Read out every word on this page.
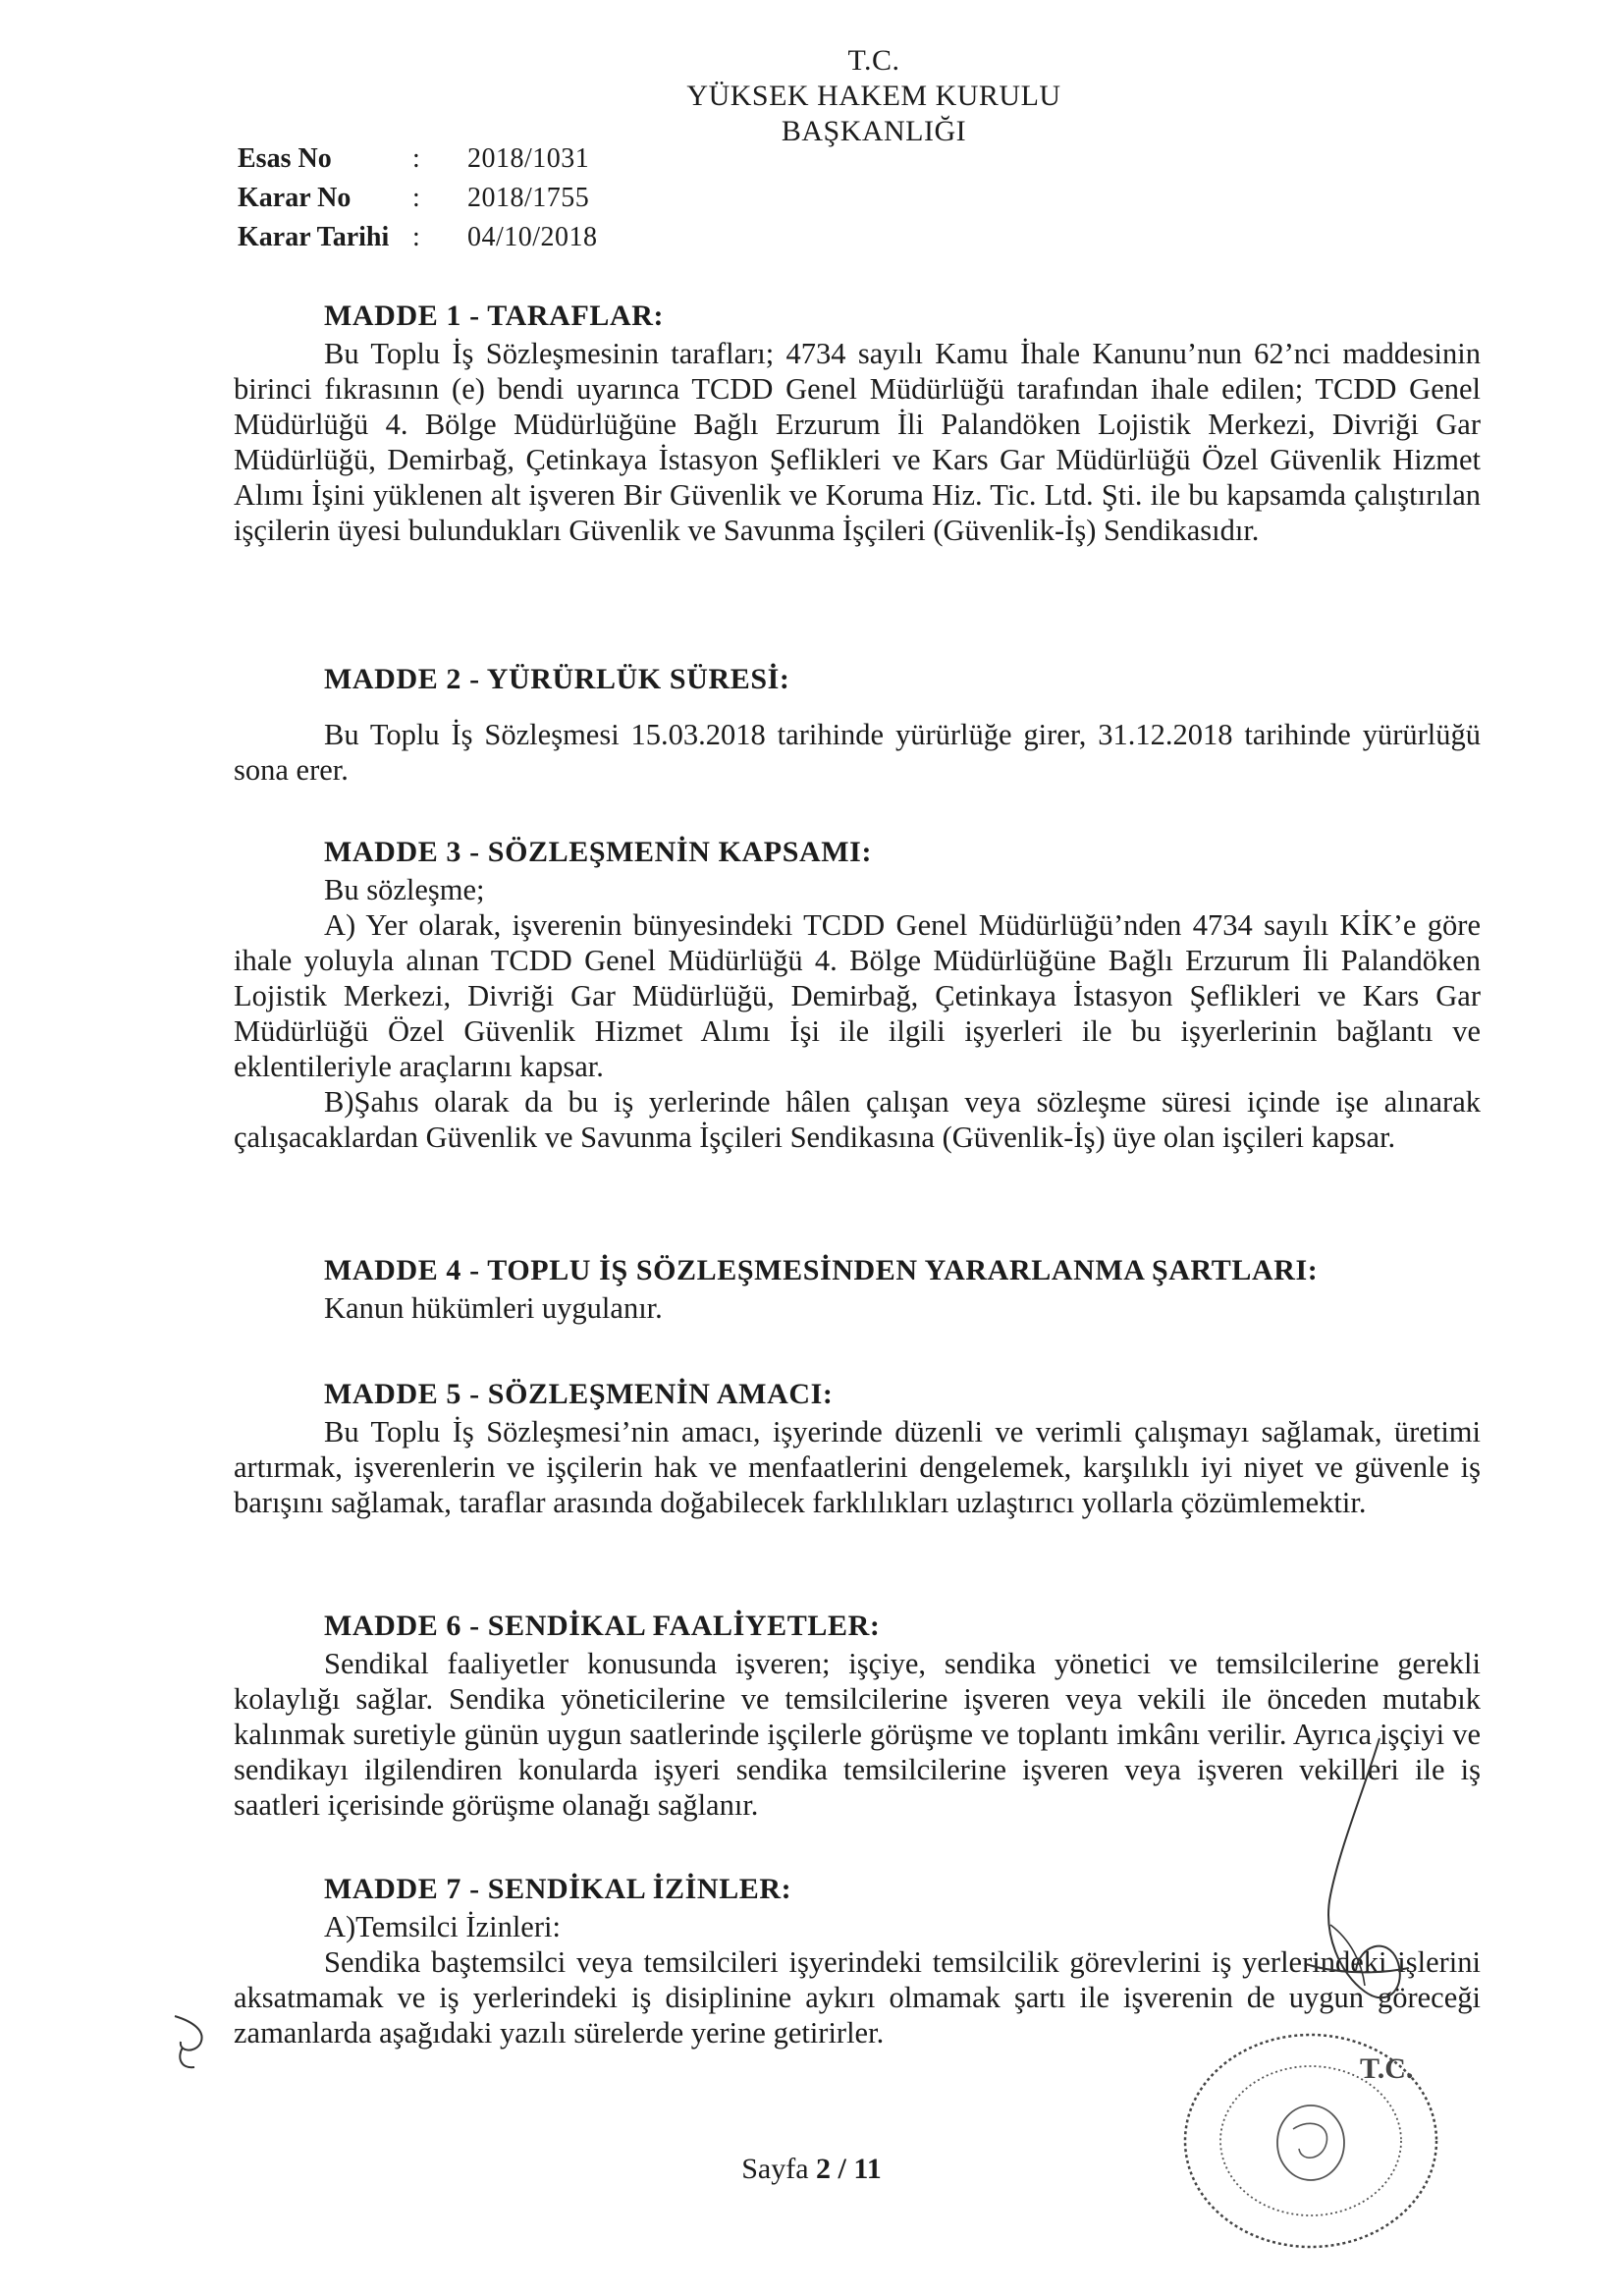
T.C.
YÜKSEK HAKEM KURULU
BAŞKANLIĞI
Esas No	:	2018/1031
Karar No	:	2018/1755
Karar Tarihi :	04/10/2018
MADDE 1 - TARAFLAR:
Bu Toplu İş Sözleşmesinin tarafları; 4734 sayılı Kamu İhale Kanunu’nun 62’nci maddesinin birinci fıkrasının (e) bendi uyarınca TCDD Genel Müdürlüğü tarafından ihale edilen; TCDD Genel Müdürlüğü 4. Bölge Müdürlüğüne Bağlı Erzurum İli Palandöken Lojistik Merkezi, Divriği Gar Müdürlüğü, Demirbağ, Çetinkaya İstasyon Şeflikleri ve Kars Gar Müdürlüğü Özel Güvenlik Hizmet Alımı İşini yüklenen alt işveren Bir Güvenlik ve Koruma Hiz. Tic. Ltd. Şti. ile bu kapsamda çalıştırılan işçilerin üyesi bulundukları Güvenlik ve Savunma İşçileri (Güvenlik-İş) Sendikasıdır.
MADDE 2 - YÜRÜRLÜK SÜRESİ:
Bu Toplu İş Sözleşmesi 15.03.2018 tarihinde yürürlüğe girer, 31.12.2018 tarihinde yürürlüğü sona erer.
MADDE 3 - SÖZLEŞMENİN KAPSAMI:
Bu sözleşme;
A) Yer olarak, işverenin bünyesindeki TCDD Genel Müdürlüğü’nden 4734 sayılı KİK’e göre ihale yoluyla alınan TCDD Genel Müdürlüğü 4. Bölge Müdürlüğüne Bağlı Erzurum İli Palandöken Lojistik Merkezi, Divriği Gar Müdürlüğü, Demirbağ, Çetinkaya İstasyon Şeflikleri ve Kars Gar Müdürlüğü Özel Güvenlik Hizmet Alımı İşi ile ilgili işyerleri ile bu işyerlerinin bağlantı ve eklentileriyle araçlarını kapsar.
B)Şahıs olarak da bu iş yerlerinde hâlen çalışan veya sözleşme süresi içinde işe alınarak çalışacaklardan Güvenlik ve Savunma İşçileri Sendikasına (Güvenlik-İş) üye olan işçileri kapsar.
MADDE 4 - TOPLU İŞ SÖZLEŞMESİNDEN YARARLANMA ŞARTLARI:
Kanun hükümleri uygulanır.
MADDE 5 - SÖZLEŞMENİN AMACI:
Bu Toplu İş Sözleşmesi’nin amacı, işyerinde düzenli ve verimli çalışmayı sağlamak, üretimi artırmak, işverenlerin ve işçilerin hak ve menfaatlerini dengelemek, karşılıklı iyi niyet ve güvenle iş barışını sağlamak, taraflar arasında doğabilecek farklılıkları uzlaştırıcı yollarla çözümlemektir.
MADDE 6 - SENDİKAL FAALİYETLER:
Sendikal faaliyetler konusunda işveren; işçiye, sendika yönetici ve temsilcilerine gerekli kolaylığı sağlar. Sendika yöneticilerine ve temsilcilerine işveren veya vekili ile önceden mutabık kalınmak suretiyle günün uygun saatlerinde işçilerle görüşme ve toplantı imkânı verilir. Ayrıca işçiyi ve sendikayı ilgilendiren konularda işyeri sendika temsilcilerine işveren veya işveren vekilleri ile iş saatleri içerisinde görüşme olanağı sağlanır.
MADDE 7 - SENDİKAL İZİNLER:
A)Temsilci İzinleri:
Sendika baştemsilci veya temsilcileri işyerindeki temsilcilik görevlerini iş yerlerindeki işlerini aksatmamak ve iş yerlerindeki iş disiplinine aykırı olmamak şartı ile işverenin de uygun göreceği zamanlarda aşağıdaki yazılı sürelerde yerine getirirler.
T.C.
Sayfa 2 / 11
